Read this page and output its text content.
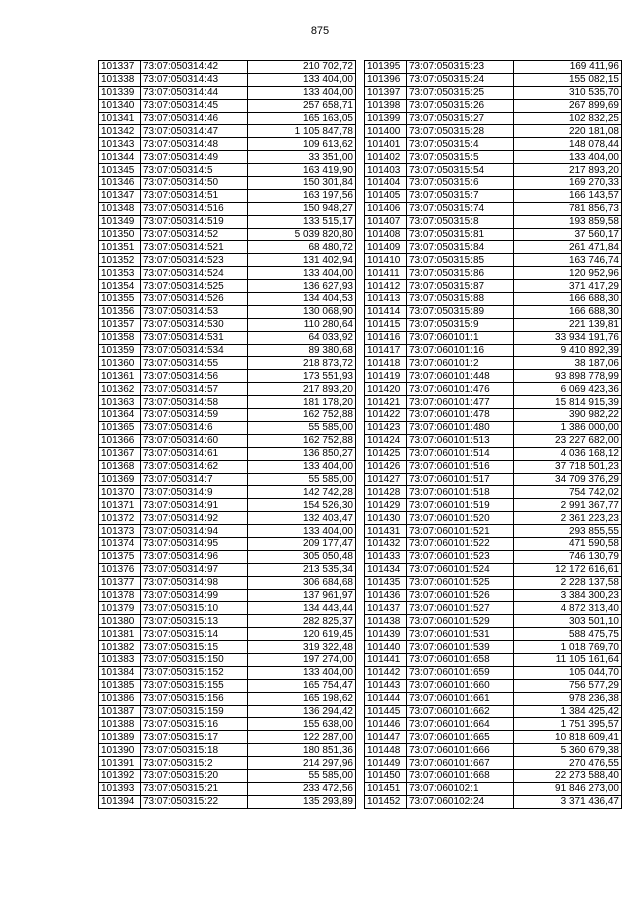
875
101337	73:07:050314:42	210 702,72
101338	73:07:050314:43	133 404,00
101339	73:07:050314:44	133 404,00
101340	73:07:050314:45	257 658,71
101341	73:07:050314:46	165 163,05
101342	73:07:050314:47	1 105 847,78
101343	73:07:050314:48	109 613,62
101344	73:07:050314:49	33 351,00
101345	73:07:050314:5	163 419,90
101346	73:07:050314:50	150 301,84
101347	73:07:050314:51	163 197,56
101348	73:07:050314:516	150 948,27
101349	73:07:050314:519	133 515,17
101350	73:07:050314:52	5 039 820,80
101351	73:07:050314:521	68 480,72
101352	73:07:050314:523	131 402,94
101353	73:07:050314:524	133 404,00
101354	73:07:050314:525	136 627,93
101355	73:07:050314:526	134 404,53
101356	73:07:050314:53	130 068,90
101357	73:07:050314:530	110 280,64
101358	73:07:050314:531	64 033,92
101359	73:07:050314:534	89 380,68
101360	73:07:050314:55	218 873,72
101361	73:07:050314:56	173 551,93
101362	73:07:050314:57	217 893,20
101363	73:07:050314:58	181 178,20
101364	73:07:050314:59	162 752,88
101365	73:07:050314:6	55 585,00
101366	73:07:050314:60	162 752,88
101367	73:07:050314:61	136 850,27
101368	73:07:050314:62	133 404,00
101369	73:07:050314:7	55 585,00
101370	73:07:050314:9	142 742,28
101371	73:07:050314:91	154 526,30
101372	73:07:050314:92	132 403,47
101373	73:07:050314:94	133 404,00
101374	73:07:050314:95	209 177,47
101375	73:07:050314:96	305 050,48
101376	73:07:050314:97	213 535,34
101377	73:07:050314:98	306 684,68
101378	73:07:050314:99	137 961,97
101379	73:07:050315:10	134 443,44
101380	73:07:050315:13	282 825,37
101381	73:07:050315:14	120 619,45
101382	73:07:050315:15	319 322,48
101383	73:07:050315:150	197 274,00
101384	73:07:050315:152	133 404,00
101385	73:07:050315:155	165 754,47
101386	73:07:050315:156	165 198,62
101387	73:07:050315:159	136 294,42
101388	73:07:050315:16	155 638,00
101389	73:07:050315:17	122 287,00
101390	73:07:050315:18	180 851,36
101391	73:07:050315:2	214 297,96
101392	73:07:050315:20	55 585,00
101393	73:07:050315:21	233 472,56
101394	73:07:050315:22	135 293,89
101395	73:07:050315:23	169 411,96
101396	73:07:050315:24	155 082,15
101397	73:07:050315:25	310 535,70
101398	73:07:050315:26	267 899,69
101399	73:07:050315:27	102 832,25
101400	73:07:050315:28	220 181,08
101401	73:07:050315:4	148 078,44
101402	73:07:050315:5	133 404,00
101403	73:07:050315:54	217 893,20
101404	73:07:050315:6	169 270,33
101405	73:07:050315:7	166 143,57
101406	73:07:050315:74	781 856,73
101407	73:07:050315:8	193 859,58
101408	73:07:050315:81	37 560,17
101409	73:07:050315:84	261 471,84
101410	73:07:050315:85	163 746,74
101411	73:07:050315:86	120 952,96
101412	73:07:050315:87	371 417,29
101413	73:07:050315:88	166 688,30
101414	73:07:050315:89	166 688,30
101415	73:07:050315:9	221 139,81
101416	73:07:060101:1	33 934 191,76
101417	73:07:060101:16	9 410 892,39
101418	73:07:060101:2	38 187,06
101419	73:07:060101:448	93 898 778,99
101420	73:07:060101:476	6 069 423,36
101421	73:07:060101:477	15 814 915,39
101422	73:07:060101:478	390 982,22
101423	73:07:060101:480	1 386 000,00
101424	73:07:060101:513	23 227 682,00
101425	73:07:060101:514	4 036 168,12
101426	73:07:060101:516	37 718 501,23
101427	73:07:060101:517	34 709 376,29
101428	73:07:060101:518	754 742,02
101429	73:07:060101:519	2 991 367,77
101430	73:07:060101:520	2 361 223,23
101431	73:07:060101:521	293 855,55
101432	73:07:060101:522	471 590,58
101433	73:07:060101:523	746 130,79
101434	73:07:060101:524	12 172 616,61
101435	73:07:060101:525	2 228 137,58
101436	73:07:060101:526	3 384 300,23
101437	73:07:060101:527	4 872 313,40
101438	73:07:060101:529	303 501,10
101439	73:07:060101:531	588 475,75
101440	73:07:060101:539	1 018 769,70
101441	73:07:060101:658	11 105 161,64
101442	73:07:060101:659	105 044,70
101443	73:07:060101:660	756 577,29
101444	73:07:060101:661	978 236,38
101445	73:07:060101:662	1 384 425,42
101446	73:07:060101:664	1 751 395,57
101447	73:07:060101:665	10 818 609,41
101448	73:07:060101:666	5 360 679,38
101449	73:07:060101:667	270 476,55
101450	73:07:060101:668	22 273 588,40
101451	73:07:060102:1	91 846 273,00
101452	73:07:060102:24	3 371 436,47
